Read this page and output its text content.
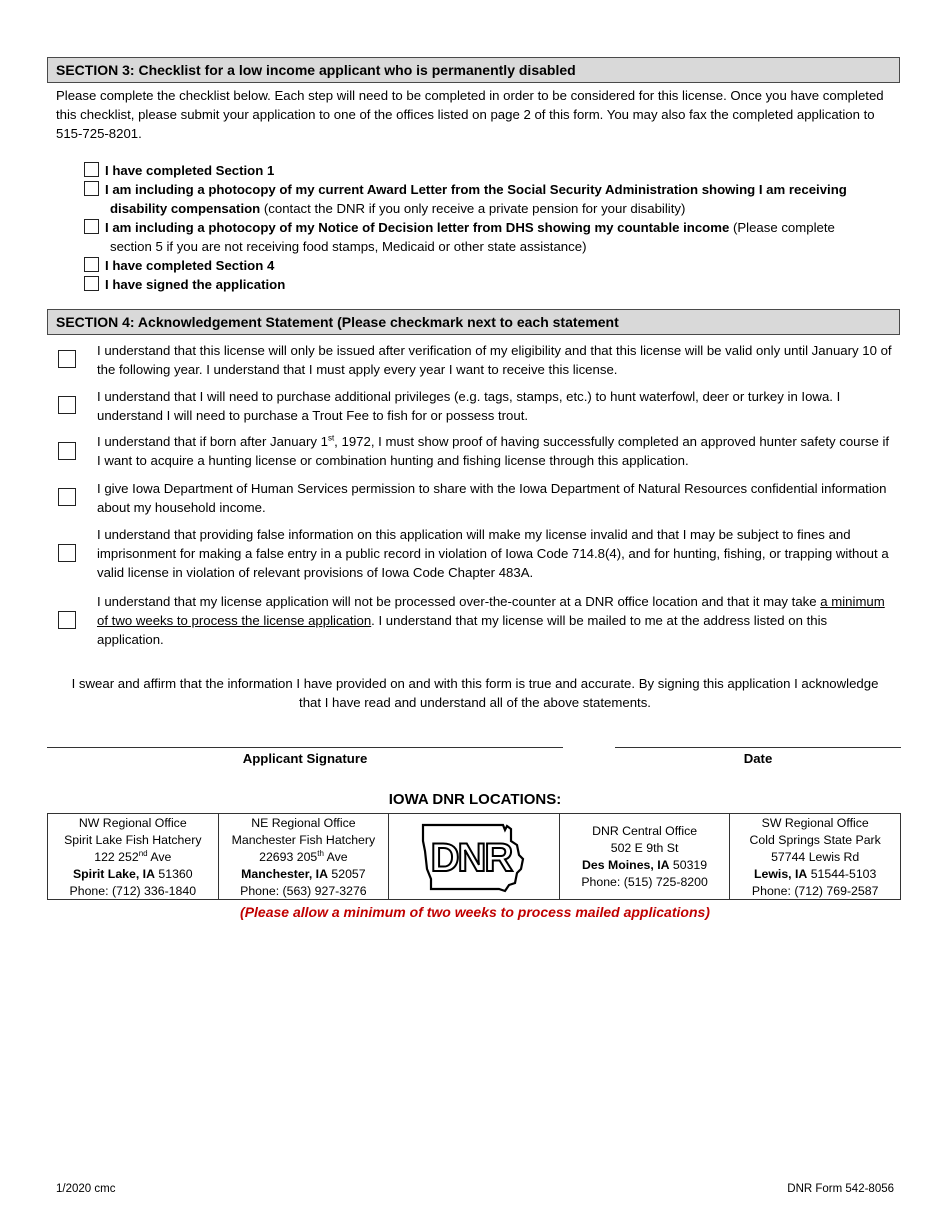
SECTION 3: Checklist for a low income applicant who is permanently disabled
Please complete the checklist below. Each step will need to be completed in order to be considered for this license. Once you have completed this checklist, please submit your application to one of the offices listed on page 2 of this form. You may also fax the completed application to 515-725-8201.
I have completed Section 1
I am including a photocopy of my current Award Letter from the Social Security Administration showing I am receiving
disability compensation (contact the DNR if you only receive a private pension for your disability)
I am including a photocopy of my Notice of Decision letter from DHS showing my countable income (Please complete
section 5 if you are not receiving food stamps, Medicaid or other state assistance)
I have completed Section 4
I have signed the application
SECTION 4: Acknowledgement Statement (Please checkmark next to each statement
I understand that this license will only be issued after verification of my eligibility and that this license will be valid only until January 10 of the following year. I understand that I must apply every year I want to receive this license.
I understand that I will need to purchase additional privileges (e.g. tags, stamps, etc.) to hunt waterfowl, deer or turkey in Iowa. I understand I will need to purchase a Trout Fee to fish for or possess trout.
I understand that if born after January 1st, 1972, I must show proof of having successfully completed an approved hunter safety course if I want to acquire a hunting license or combination hunting and fishing license through this application.
I give Iowa Department of Human Services permission to share with the Iowa Department of Natural Resources confidential information about my household income.
I understand that providing false information on this application will make my license invalid and that I may be subject to fines and imprisonment for making a false entry in a public record in violation of Iowa Code 714.8(4), and for hunting, fishing, or trapping without a valid license in violation of relevant provisions of Iowa Code Chapter 483A.
I understand that my license application will not be processed over-the-counter at a DNR office location and that it may take a minimum of two weeks to process the license application. I understand that my license will be mailed to me at the address listed on this application.
I swear and affirm that the information I have provided on and with this form is true and accurate. By signing this application I acknowledge that I have read and understand all of the above statements.
Applicant Signature	Date
IOWA DNR LOCATIONS:
NW Regional Office
Spirit Lake Fish Hatchery
122 252nd Ave
Spirit Lake, IA 51360
Phone: (712) 336-1840
NE Regional Office
Manchester Fish Hatchery
22693 205th Ave
Manchester, IA 52057
Phone: (563) 927-3276
DNR
DNR Central Office
502 E 9th St
Des Moines, IA 50319
Phone: (515) 725-8200
SW Regional Office
Cold Springs State Park
57744 Lewis Rd
Lewis, IA 51544-5103
Phone: (712) 769-2587
(Please allow a minimum of two weeks to process mailed applications)
1/2020 cmc	DNR Form 542-8056
